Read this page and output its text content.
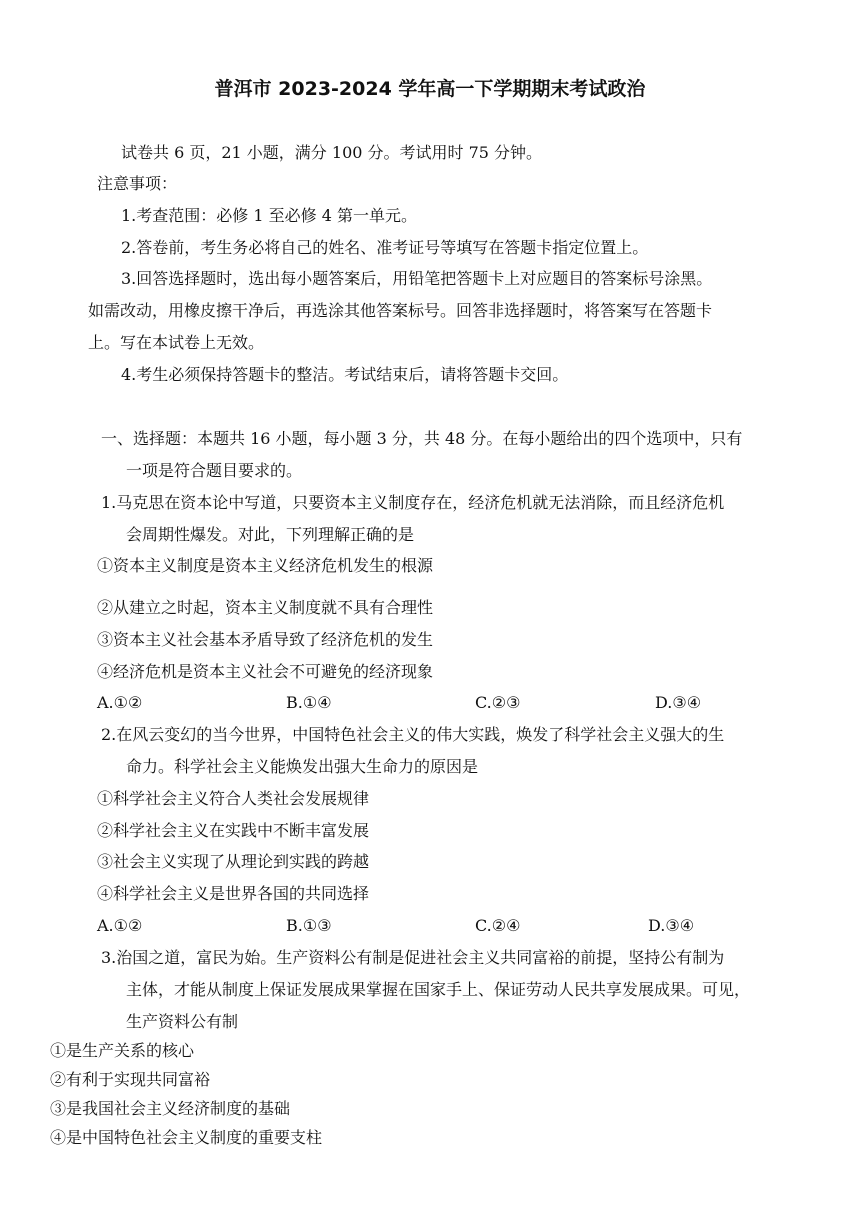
普洱市 2023-2024 学年高一下学期期末考试政治
试卷共 6 页，21 小题，满分 100 分。考试用时 75 分钟。
注意事项：
1.考查范围：必修 1 至必修 4 第一单元。
2.答卷前，考生务必将自己的姓名、准考证号等填写在答题卡指定位置上。
3.回答选择题时，选出每小题答案后，用铅笔把答题卡上对应题目的答案标号涂黑。
如需改动，用橡皮擦干净后，再选涂其他答案标号。回答非选择题时，将答案写在答题卡
上。写在本试卷上无效。
4.考生必须保持答题卡的整洁。考试结束后，请将答题卡交回。
一、选择题：本题共 16 小题，每小题 3 分，共 48 分。在每小题给出的四个选项中，只有
一项是符合题目要求的。
1.马克思在资本论中写道，只要资本主义制度存在，经济危机就无法消除，而且经济危机
会周期性爆发。对此，下列理解正确的是
①资本主义制度是资本主义经济危机发生的根源
②从建立之时起，资本主义制度就不具有合理性
③资本主义社会基本矛盾导致了经济危机的发生
④经济危机是资本主义社会不可避免的经济现象
A.①②	B.①④	C.②③	D.③④
2.在风云变幻的当今世界，中国特色社会主义的伟大实践，焕发了科学社会主义强大的生
命力。科学社会主义能焕发出强大生命力的原因是
①科学社会主义符合人类社会发展规律
②科学社会主义在实践中不断丰富发展
③社会主义实现了从理论到实践的跨越
④科学社会主义是世界各国的共同选择
A.①②	B.①③	C.②④	D.③④
3.治国之道，富民为始。生产资料公有制是促进社会主义共同富裕的前提，坚持公有制为
主体，才能从制度上保证发展成果掌握在国家手上、保证劳动人民共享发展成果。可见，
生产资料公有制
①是生产关系的核心
②有利于实现共同富裕
③是我国社会主义经济制度的基础
④是中国特色社会主义制度的重要支柱
